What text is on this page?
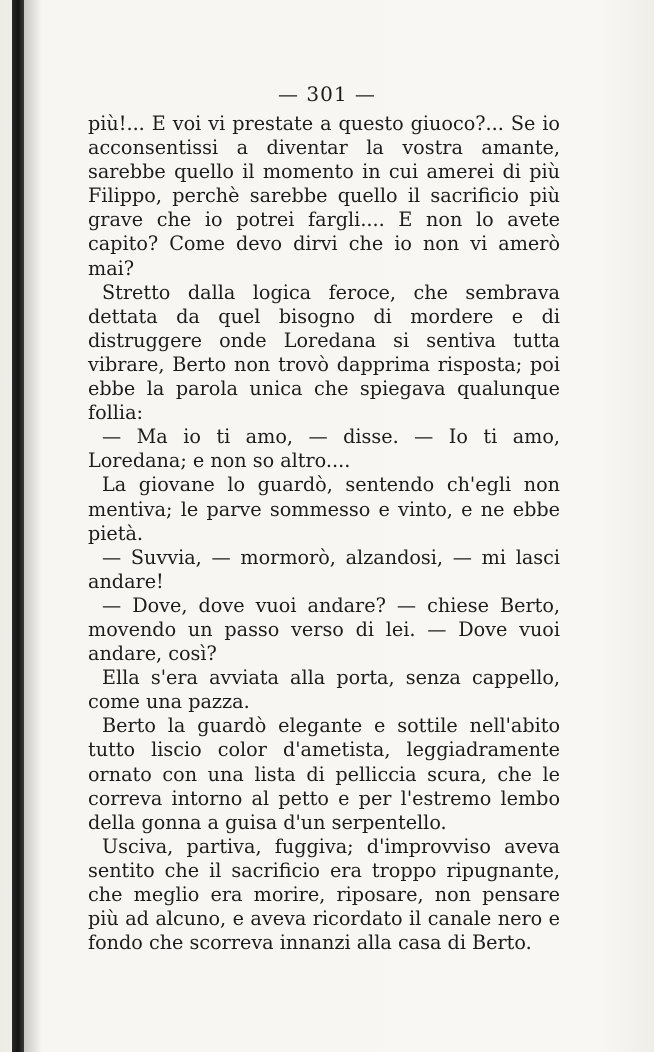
— 301 —

più!... E voi vi prestate a questo giuoco?... Se io acconsentissi a diventar la vostra amante, sarebbe quello il momento in cui amerei di più Filippo, perchè sarebbe quello il sacrificio più grave che io potrei fargli.... E non lo avete capito? Come devo dirvi che io non vi amerò mai?

Stretto dalla logica feroce, che sembrava dettata da quel bisogno di mordere e di distruggere onde Loredana si sentiva tutta vibrare, Berto non trovò dapprima risposta; poi ebbe la parola unica che spiegava qualunque follia:

— Ma io ti amo, — disse. — Io ti amo, Loredana; e non so altro....

La giovane lo guardò, sentendo ch'egli non mentiva; le parve sommesso e vinto, e ne ebbe pietà.

— Suvvia, — mormorò, alzandosi, — mi lasci andare!

— Dove, dove vuoi andare? — chiese Berto, movendo un passo verso di lei. — Dove vuoi andare, così?

Ella s'era avviata alla porta, senza cappello, come una pazza.

Berto la guardò elegante e sottile nell'abito tutto liscio color d'ametista, leggiadramente ornato con una lista di pelliccia scura, che le correva intorno al petto e per l'estremo lembo della gonna a guisa d'un serpentello.

Usciva, partiva, fuggiva; d'improvviso aveva sentito che il sacrificio era troppo ripugnante, che meglio era morire, riposare, non pensare più ad alcuno, e aveva ricordato il canale nero e fondo che scorreva innanzi alla casa di Berto.
